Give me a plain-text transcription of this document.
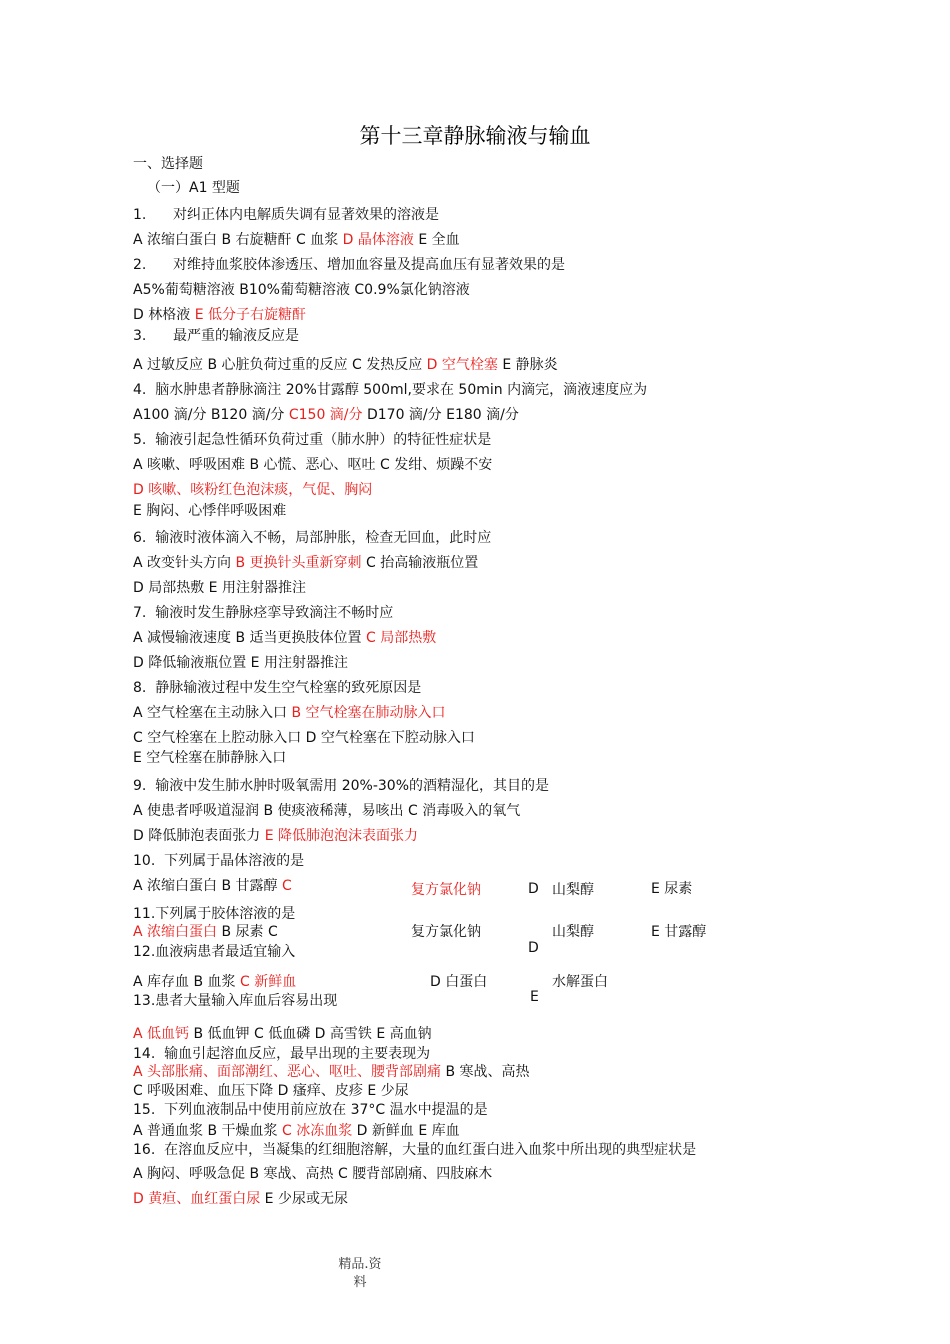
第十三章静脉输液与输血
一、选择题
（一）A1 型题
1.      对纠正体内电解质失调有显著效果的溶液是
A 浓缩白蛋白 B 右旋糖酐 C 血浆 D 晶体溶液 E 全血
2.      对维持血浆胶体渗透压、增加血容量及提高血压有显著效果的是
A5%葡萄糖溶液 B10%葡萄糖溶液 C0.9%氯化钠溶液
D 林格液 E 低分子右旋糖酐
3.      最严重的输液反应是
A 过敏反应 B 心脏负荷过重的反应 C 发热反应 D 空气栓塞 E 静脉炎
4.  脑水肿患者静脉滴注 20%甘露醇 500ml,要求在 50min 内滴完，滴液速度应为
A100 滴/分 B120 滴/分 C150 滴/分 D170 滴/分 E180 滴/分
5.  输液引起急性循环负荷过重（肺水肿）的特征性症状是
A 咳嗽、呼吸困难 B 心慌、恶心、呕吐 C 发绀、烦躁不安
D 咳嗽、咳粉红色泡沫痰，气促、胸闷
E 胸闷、心悸伴呼吸困难
6.  输液时液体滴入不畅，局部肿胀，检查无回血，此时应
A 改变针头方向 B 更换针头重新穿刺 C 抬高输液瓶位置
D 局部热敷 E 用注射器推注
7.  输液时发生静脉痉挛导致滴注不畅时应
A 减慢输液速度 B 适当更换肢体位置 C 局部热敷
D 降低输液瓶位置 E 用注射器推注
8.  静脉输液过程中发生空气栓塞的致死原因是
A 空气栓塞在主动脉入口 B 空气栓塞在肺动脉入口
C 空气栓塞在上腔动脉入口 D 空气栓塞在下腔动脉入口
E 空气栓塞在肺静脉入口
9.  输液中发生肺水肿时吸氧需用 20%-30%的酒精湿化，其目的是
A 使患者呼吸道湿润 B 使痰液稀薄，易咳出 C 消毒吸入的氧气
D 降低肺泡表面张力 E 降低肺泡泡沫表面张力
10.  下列属于晶体溶液的是
A 浓缩白蛋白 B 甘露醇 C	复方氯化钠	D 山梨醇	E 尿素
11.下列属于胶体溶液的是
A 浓缩白蛋白 B 尿素 C	复方氯化钠	山梨醇	E 甘露醇
D
12.血液病患者最适宜输入
A 库存血 B 血浆 C 新鲜血	D 白蛋白	水解蛋白
E
13.患者大量输入库血后容易出现
A 低血钙 B 低血钾 C 低血磷 D 高雪铁 E 高血钠
14.  输血引起溶血反应，最早出现的主要表现为
A 头部胀痛、面部潮红、恶心、呕吐、腰背部剧痛 B 寒战、高热
C 呼吸困难、血压下降 D 瘙痒、皮疹 E 少尿
15.  下列血液制品中使用前应放在 37°C 温水中提温的是
A 普通血浆 B 干燥血浆 C 冰冻血浆 D 新鲜血 E 库血
16.  在溶血反应中，当凝集的红细胞溶解，大量的血红蛋白进入血浆中所出现的典型症状是
A 胸闷、呼吸急促 B 寒战、高热 C 腰背部剧痛、四肢麻木
D 黄疸、血红蛋白尿 E 少尿或无尿
精品.资
料
